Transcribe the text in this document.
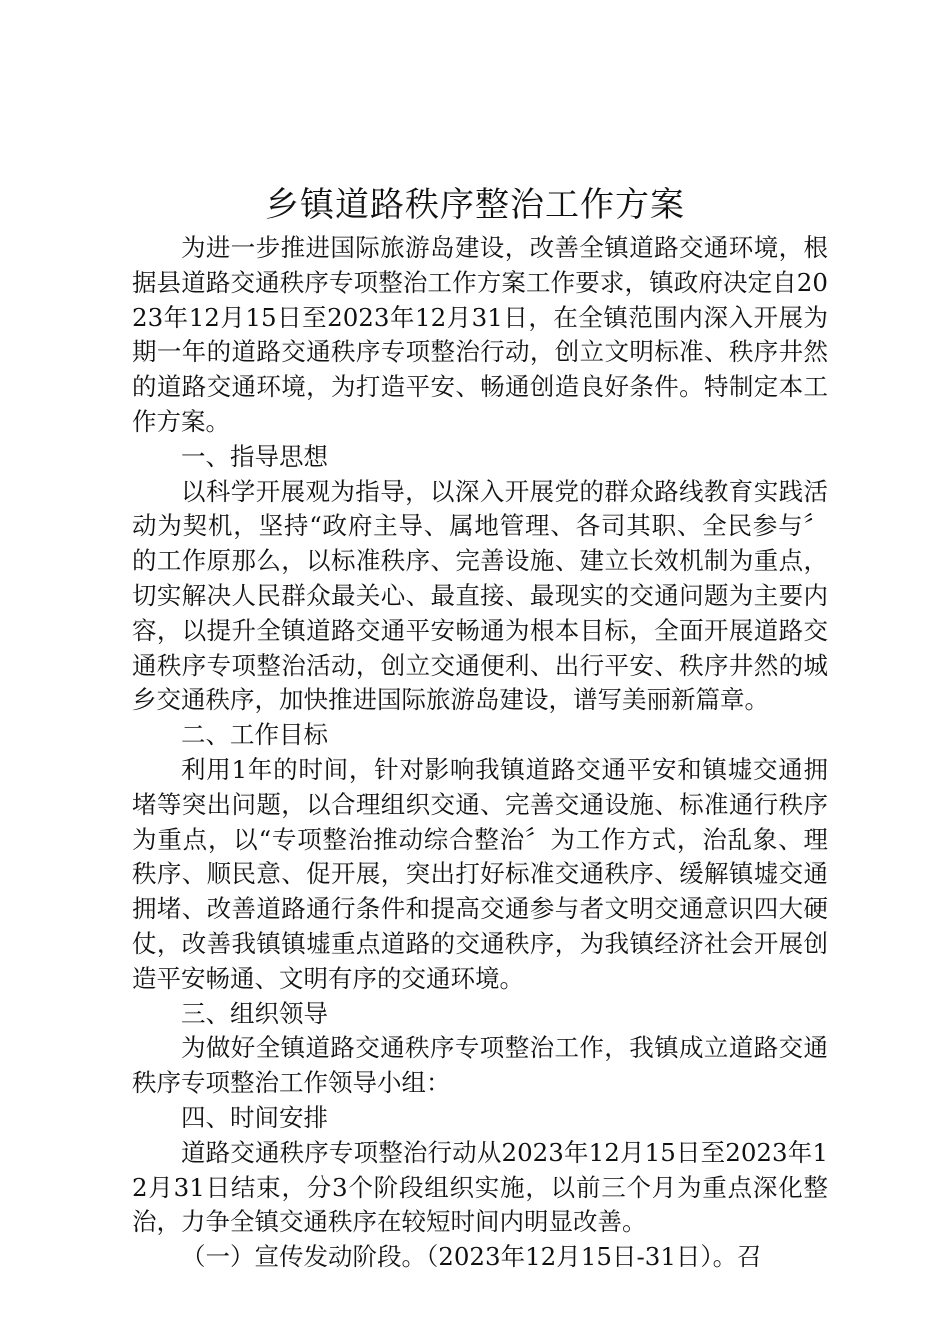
乡镇道路秩序整治工作方案

为进一步推进国际旅游岛建设，改善全镇道路交通环境，根据县道路交通秩序专项整治工作方案工作要求，镇政府决定自2023年12月15日至2023年12月31日，在全镇范围内深入开展为期一年的道路交通秩序专项整治行动，创立文明标准、秩序井然的道路交通环境，为打造平安、畅通创造良好条件。特制定本工作方案。

一、指导思想

以科学开展观为指导，以深入开展党的群众路线教育实践活动为契机，坚持“政府主导、属地管理、各司其职、全民参与〞的工作原那么，以标准秩序、完善设施、建立长效机制为重点，切实解决人民群众最关心、最直接、最现实的交通问题为主要内容，以提升全镇道路交通平安畅通为根本目标，全面开展道路交通秩序专项整治活动，创立交通便利、出行平安、秩序井然的城乡交通秩序，加快推进国际旅游岛建设，谱写美丽新篇章。

二、工作目标

利用1年的时间，针对影响我镇道路交通平安和镇墟交通拥堵等突出问题，以合理组织交通、完善交通设施、标准通行秩序为重点，以“专项整治推动综合整治〞为工作方式，治乱象、理秩序、顺民意、促开展，突出打好标准交通秩序、缓解镇墟交通拥堵、改善道路通行条件和提高交通参与者文明交通意识四大硬仗，改善我镇镇墟重点道路的交通秩序，为我镇经济社会开展创造平安畅通、文明有序的交通环境。

三、组织领导

为做好全镇道路交通秩序专项整治工作，我镇成立道路交通秩序专项整治工作领导小组：

四、时间安排

道路交通秩序专项整治行动从2023年12月15日至2023年12月31日结束，分3个阶段组织实施，以前三个月为重点深化整治，力争全镇交通秩序在较短时间内明显改善。

（一）宣传发动阶段。（2023年12月15日-31日）。召
